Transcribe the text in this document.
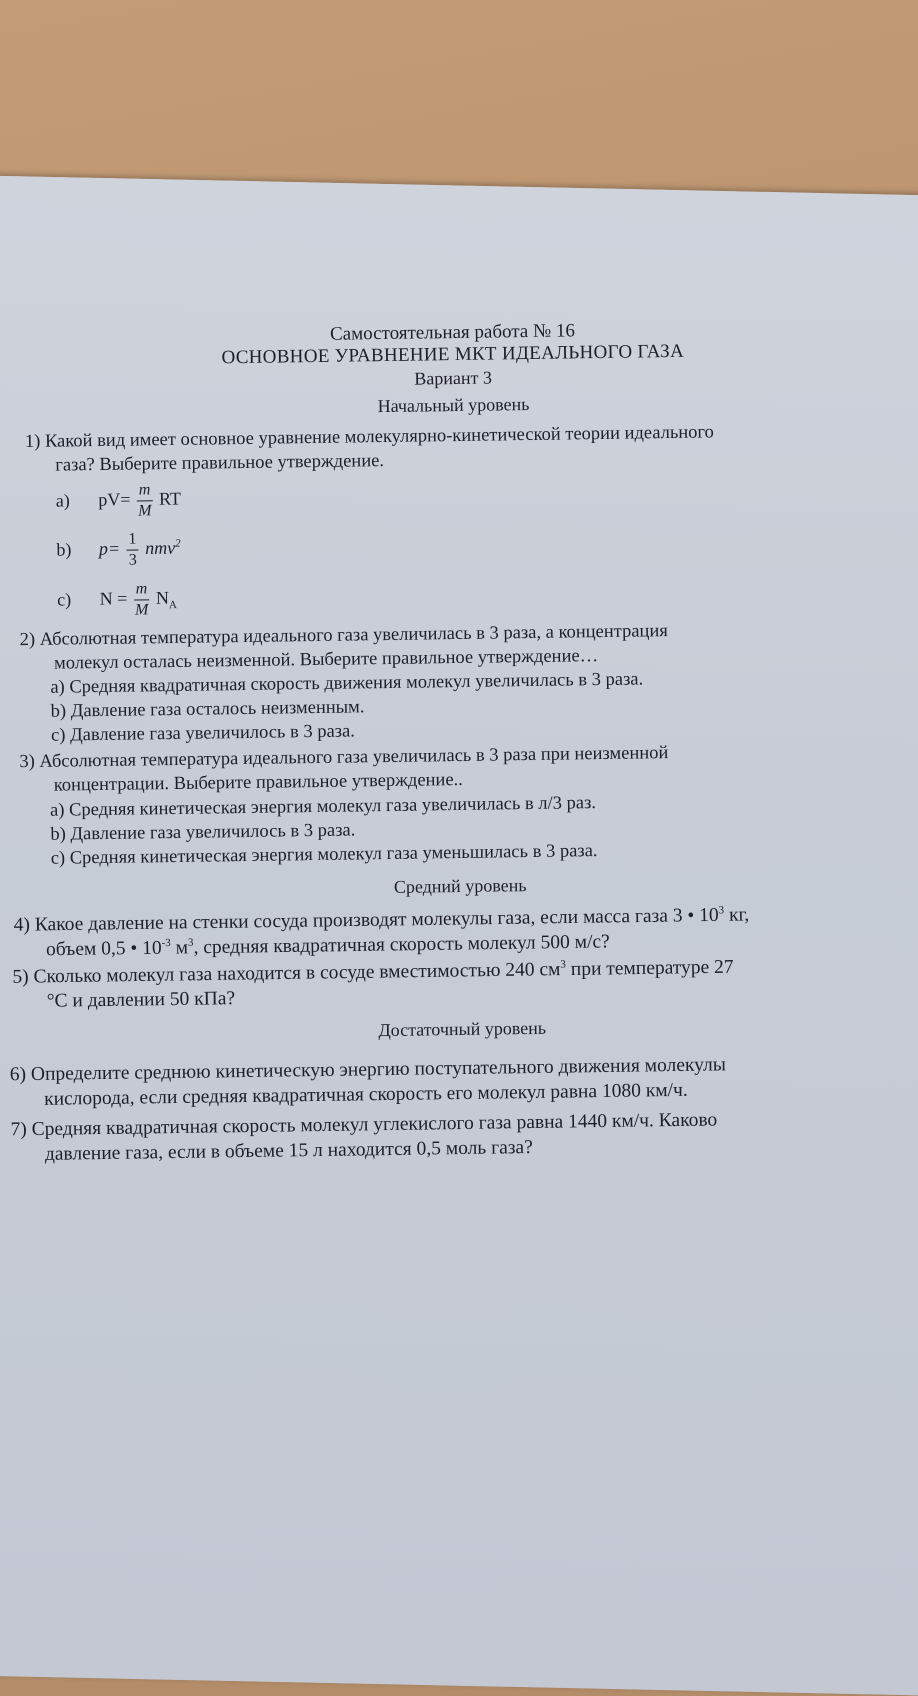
Самостоятельная работа № 16
ОСНОВНОЕ УРАВНЕНИЕ МКТ ИДЕАЛЬНОГО ГАЗА
Вариант 3
Начальный уровень
1) Какой вид имеет основное уравнение молекулярно-кинетической теории идеального
газа? Выберите правильное утверждение.
a) $pV= \frac{m}{M}$ RT
b) $p= \frac{1}{3} nmv^2$
c) $N = \frac{m}{M} N_A$
2) Абсолютная температура идеального газа увеличилась в 3 раза, а концентрация
молекул осталась неизменной. Выберите правильное утверждение…
a) Средняя квадратичная скорость движения молекул увеличилась в 3 раза.
b) Давление газа осталось неизменным.
c) Давление газа увеличилось в 3 раза.
3) Абсолютная температура идеального газа увеличилась в 3 раза при неизменной
концентрации. Выберите правильное утверждение..
a) Средняя кинетическая энергия молекул газа увеличилась в л/3 раз.
b) Давление газа увеличилось в 3 раза.
c) Средняя кинетическая энергия молекул газа уменьшилась в 3 раза.
Средний уровень
4) Какое давление на стенки сосуда производят молекулы газа, если масса газа 3 • $10^3$ кг,
объем 0,5 • $10^{-3}$ $м^3$, средняя квадратичная скорость молекул 500 м/с?
5) Сколько молекул газа находится в сосуде вместимостью 240 $см^3$ при температуре 27
°С и давлении 50 кПа?
Достаточный уровень
6) Определите среднюю кинетическую энергию поступательного движения молекулы
кислорода, если средняя квадратичная скорость его молекул равна 1080 км/ч.
7) Средняя квадратичная скорость молекул углекислого газа равна 1440 км/ч. Каково
давление газа, если в объеме 15 л находится 0,5 моль газа?
